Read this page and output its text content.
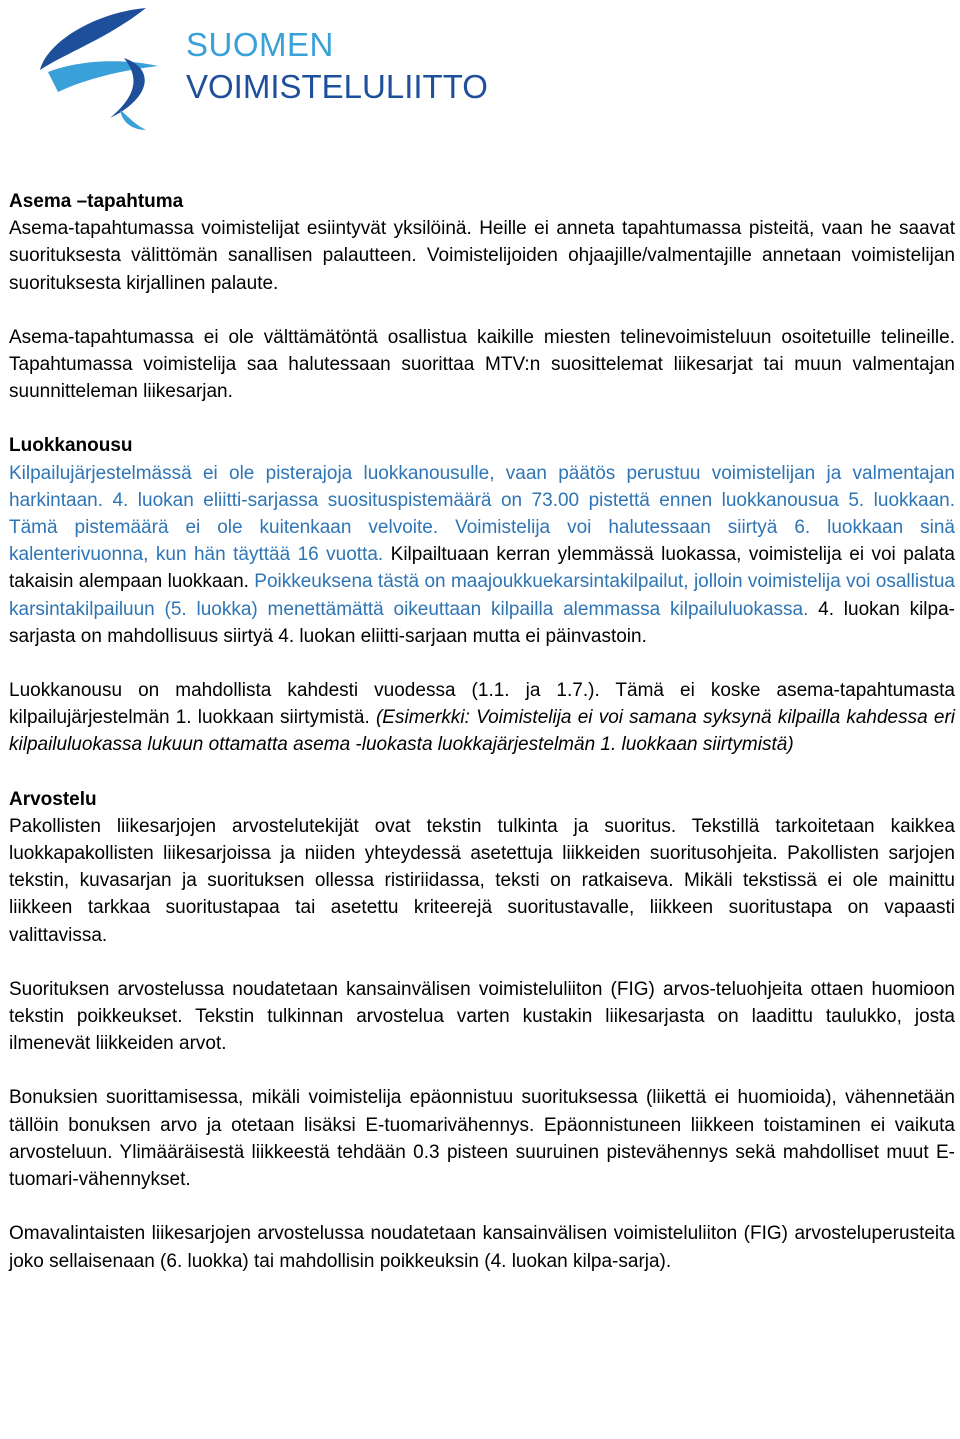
SUOMEN
VOIMISTELULIITTO

Asema –tapahtuma

Asema-tapahtumassa voimistelijat esiintyvät yksilöinä. Heille ei anneta tapahtumassa pisteitä, vaan he saavat suorituksesta välittömän sanallisen palautteen. Voimistelijoiden ohjaajille/valmentajille annetaan voimistelijan suorituksesta kirjallinen palaute.

Asema-tapahtumassa ei ole välttämätöntä osallistua kaikille miesten telinevoimisteluun osoitetuille telineille. Tapahtumassa voimistelija saa halutessaan suorittaa MTV:n suosittelemat liikesarjat tai muun valmentajan suunnitteleman liikesarjan.

Luokkanousu

Kilpailujärjestelmässä ei ole pisterajoja luokkanousulle, vaan päätös perustuu voimistelijan ja valmentajan harkintaan. 4. luokan eliitti-sarjassa suosituspistemäärä on 73.00 pistettä ennen luokkanousua 5. luokkaan. Tämä pistemäärä ei ole kuitenkaan velvoite. Voimistelija voi halutessaan siirtyä 6. luokkaan sinä kalenterivuonna, kun hän täyttää 16 vuotta. Kilpailtuaan kerran ylemmässä luokassa, voimistelija ei voi palata takaisin alempaan luokkaan. Poikkeuksena tästä on maajoukkuekarsintakilpailut, jolloin voimistelija voi osallistua karsintakilpailuun (5. luokka) menettämättä oikeuttaan kilpailla alemmassa kilpailuluokassa. 4. luokan kilpa-sarjasta on mahdollisuus siirtyä 4. luokan eliitti-sarjaan mutta ei päinvastoin.

Luokkanousu on mahdollista kahdesti vuodessa (1.1. ja 1.7.). Tämä ei koske asema-tapahtumasta kilpailujärjestelmän 1. luokkaan siirtymistä. (Esimerkki: Voimistelija ei voi samana syksynä kilpailla kahdessa eri kilpailuluokassa lukuun ottamatta asema -luokasta luokkajärjestelmän 1. luokkaan siirtymistä)

Arvostelu

Pakollisten liikesarjojen arvostelutekijät ovat tekstin tulkinta ja suoritus. Tekstillä tarkoitetaan kaikkea luokkapakollisten liikesarjoissa ja niiden yhteydessä asetettuja liikkeiden suoritusohjeita. Pakollisten sarjojen tekstin, kuvasarjan ja suorituksen ollessa ristiriidassa, teksti on ratkaiseva. Mikäli tekstissä ei ole mainittu liikkeen tarkkaa suoritustapaa tai asetettu kriteerejä suoritustavalle, liikkeen suoritustapa on vapaasti valittavissa.

Suorituksen arvostelussa noudatetaan kansainvälisen voimisteluliiton (FIG) arvos-teluohjeita ottaen huomioon tekstin poikkeukset. Tekstin tulkinnan arvostelua varten kustakin liikesarjasta on laadittu taulukko, josta ilmenevät liikkeiden arvot.

Bonuksien suorittamisessa, mikäli voimistelija epäonnistuu suorituksessa (liikettä ei huomioida), vähennetään tällöin bonuksen arvo ja otetaan lisäksi E-tuomarivähennys. Epäonnistuneen liikkeen toistaminen ei vaikuta arvosteluun. Ylimääräisestä liikkeestä tehdään 0.3 pisteen suuruinen pistevähennys sekä mahdolliset muut E-tuomari-vähennykset.

Omavalintaisten liikesarjojen arvostelussa noudatetaan kansainvälisen voimisteluliiton (FIG) arvosteluperusteita joko sellaisenaan (6. luokka) tai mahdollisin poikkeuksin (4. luokan kilpa-sarja).
